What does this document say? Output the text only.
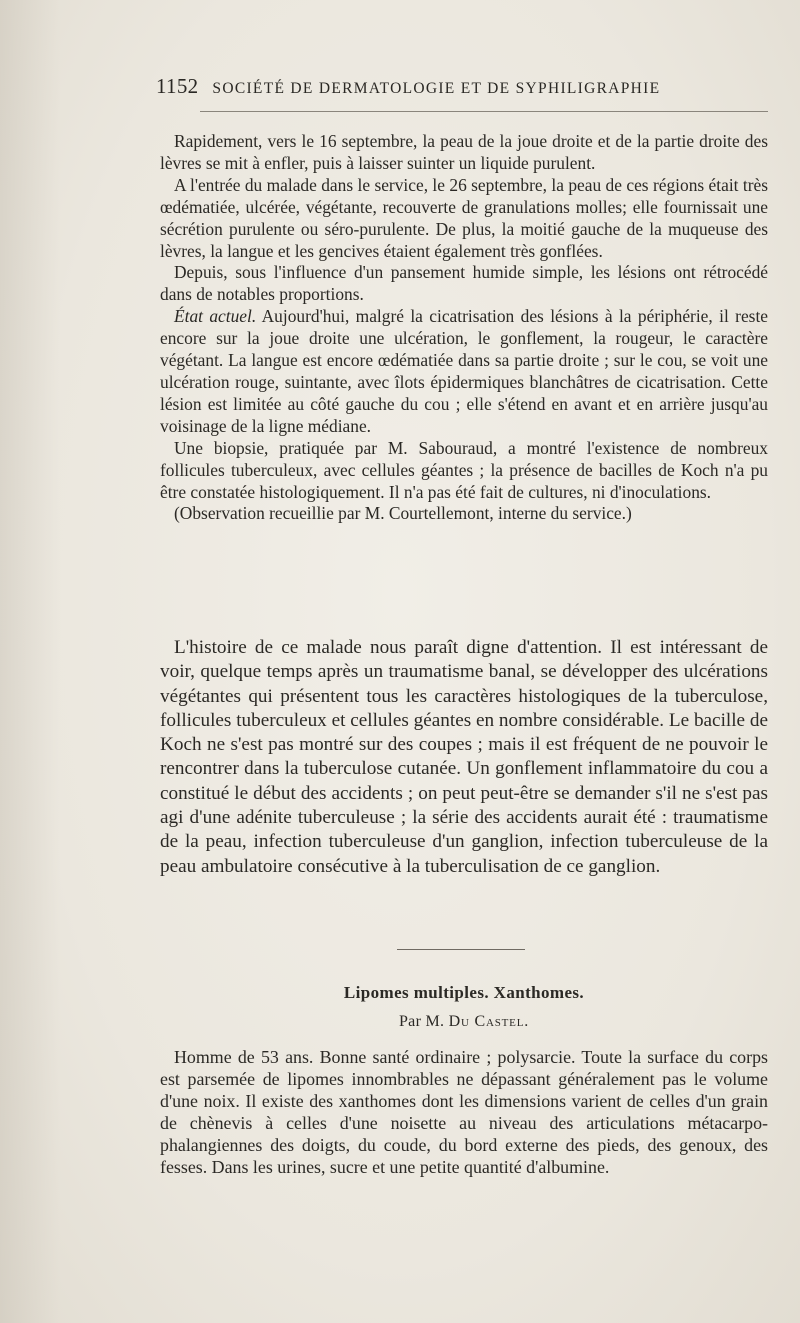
1152 SOCIÉTÉ DE DERMATOLOGIE ET DE SYPHILIGRAPHIE

Rapidement, vers le 16 septembre, la peau de la joue droite et de la partie droite des lèvres se mit à enfler, puis à laisser suinter un liquide purulent.

A l'entrée du malade dans le service, le 26 septembre, la peau de ces régions était très œdématiée, ulcérée, végétante, recouverte de granulations molles; elle fournissait une sécrétion purulente ou séro-purulente. De plus, la moitié gauche de la muqueuse des lèvres, la langue et les gencives étaient également très gonflées.

Depuis, sous l'influence d'un pansement humide simple, les lésions ont rétrocédé dans de notables proportions.

État actuel. Aujourd'hui, malgré la cicatrisation des lésions à la périphérie, il reste encore sur la joue droite une ulcération, le gonflement, la rougeur, le caractère végétant. La langue est encore œdématiée dans sa partie droite ; sur le cou, se voit une ulcération rouge, suintante, avec îlots épidermiques blanchâtres de cicatrisation. Cette lésion est limitée au côté gauche du cou ; elle s'étend en avant et en arrière jusqu'au voisinage de la ligne médiane.

Une biopsie, pratiquée par M. Sabouraud, a montré l'existence de nombreux follicules tuberculeux, avec cellules géantes ; la présence de bacilles de Koch n'a pu être constatée histologiquement. Il n'a pas été fait de cultures, ni d'inoculations.

(Observation recueillie par M. Courtellemont, interne du service.)

L'histoire de ce malade nous paraît digne d'attention. Il est intéressant de voir, quelque temps après un traumatisme banal, se développer des ulcérations végétantes qui présentent tous les caractères histologiques de la tuberculose, follicules tuberculeux et cellules géantes en nombre considérable. Le bacille de Koch ne s'est pas montré sur des coupes ; mais il est fréquent de ne pouvoir le rencontrer dans la tuberculose cutanée. Un gonflement inflammatoire du cou a constitué le début des accidents ; on peut peut-être se demander s'il ne s'est pas agi d'une adénite tuberculeuse ; la série des accidents aurait été : traumatisme de la peau, infection tuberculeuse d'un ganglion, infection tuberculeuse de la peau ambulatoire consécutive à la tuberculisation de ce ganglion.

Lipomes multiples. Xanthomes.
Par M. Du Castel.

Homme de 53 ans. Bonne santé ordinaire ; polysarcie. Toute la surface du corps est parsemée de lipomes innombrables ne dépassant généralement pas le volume d'une noix. Il existe des xanthomes dont les dimensions varient de celles d'un grain de chènevis à celles d'une noisette au niveau des articulations métacarpo-phalangiennes des doigts, du coude, du bord externe des pieds, des genoux, des fesses. Dans les urines, sucre et une petite quantité d'albumine.
